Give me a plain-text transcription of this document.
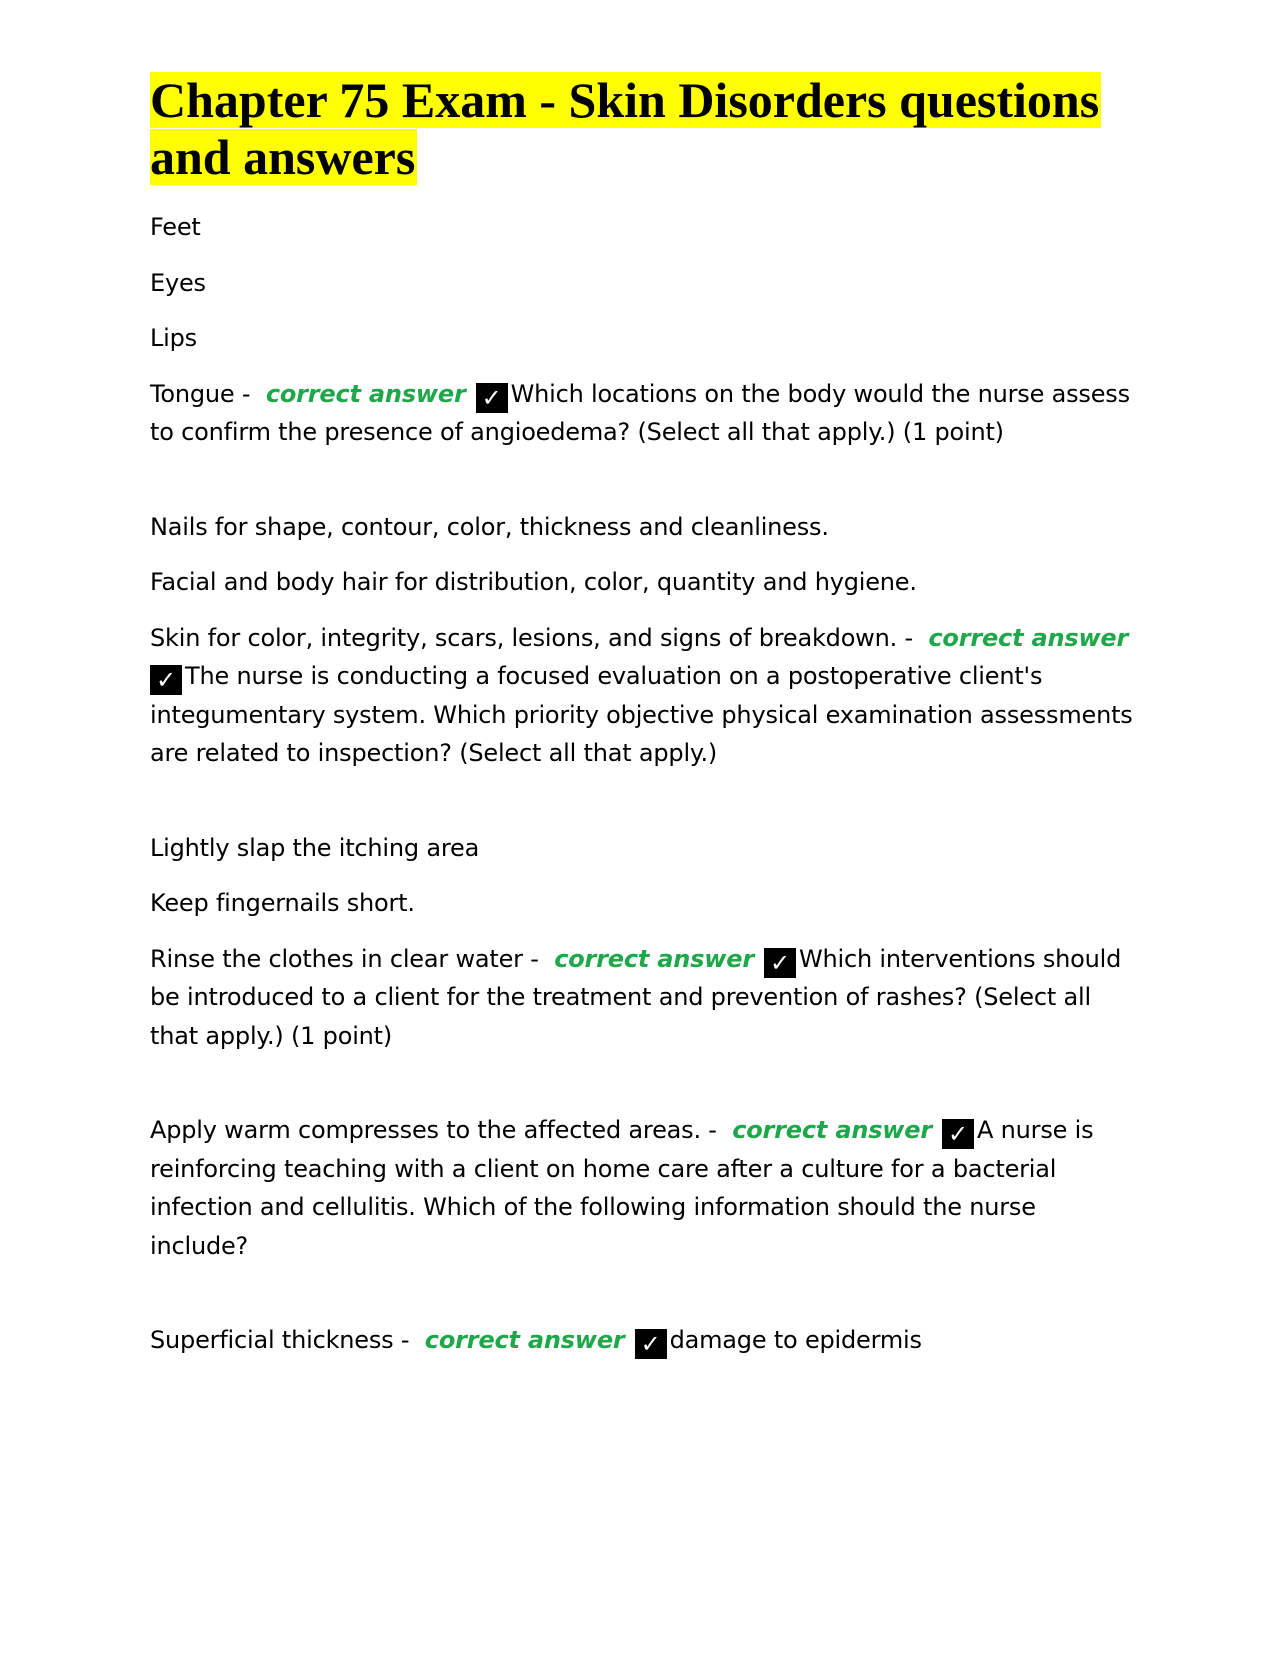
Chapter 75 Exam - Skin Disorders questions and answers

Feet

Eyes

Lips

Tongue - correct answer ✓ Which locations on the body would the nurse assess to confirm the presence of angioedema? (Select all that apply.) (1 point)

Nails for shape, contour, color, thickness and cleanliness.

Facial and body hair for distribution, color, quantity and hygiene.

Skin for color, integrity, scars, lesions, and signs of breakdown. - correct answer✓ The nurse is conducting a focused evaluation on a postoperative client's integumentary system. Which priority objective physical examination assessments are related to inspection? (Select all that apply.)

Lightly slap the itching area

Keep fingernails short.

Rinse the clothes in clear water - correct answer ✓ Which interventions should be introduced to a client for the treatment and prevention of rashes? (Select all that apply.) (1 point)

Apply warm compresses to the affected areas. - correct answer ✓ A nurse is reinforcing teaching with a client on home care after a culture for a bacterial infection and cellulitis. Which of the following information should the nurse include?

Superficial thickness - correct answer ✓ damage to epidermis
